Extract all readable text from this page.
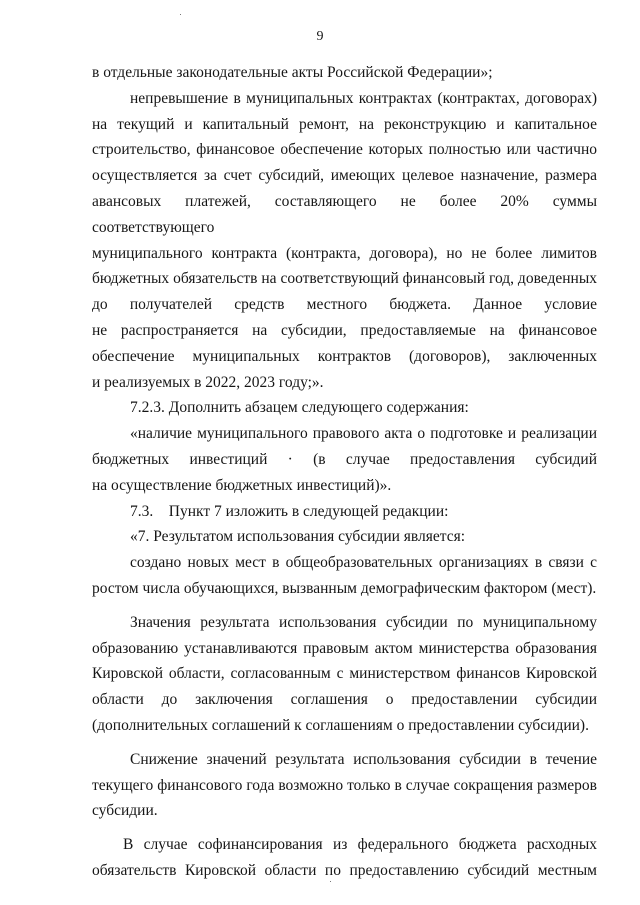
9
в отдельные законодательные акты Российской Федерации»;
непревышение в муниципальных контрактах (контрактах, договорах)
на текущий и капитальный ремонт, на реконструкцию и капитальное
строительство, финансовое обеспечение которых полностью или частично
осуществляется за счет субсидий, имеющих целевое назначение, размера
авансовых платежей, составляющего не более 20% суммы соответствующего
муниципального контракта (контракта, договора), но не более лимитов
бюджетных обязательств на соответствующий финансовый год, доведенных
до получателей средств местного бюджета. Данное условие
не распространяется на субсидии, предоставляемые на финансовое
обеспечение муниципальных контрактов (договоров), заключенных
и реализуемых в 2022, 2023 году;».
7.2.3. Дополнить абзацем следующего содержания:
«наличие муниципального правового акта о подготовке и реализации
бюджетных инвестиций · (в случае предоставления субсидий
на осуществление бюджетных инвестиций)».
7.3.    Пункт 7 изложить в следующей редакции:
«7. Результатом использования субсидии является:
создано новых мест в общеобразовательных организациях в связи с
ростом числа обучающихся, вызванным демографическим фактором (мест).
Значения результата использования субсидии по муниципальному
образованию устанавливаются правовым актом министерства образования
Кировской области, согласованным с министерством финансов Кировской
области до заключения соглашения о предоставлении субсидии
(дополнительных соглашений к соглашениям о предоставлении субсидии).
Снижение значений результата использования субсидии в течение
текущего финансового года возможно только в случае сокращения размеров
субсидии.
В случае софинансирования из федерального бюджета расходных
обязательств Кировской области по предоставлению субсидий местным
